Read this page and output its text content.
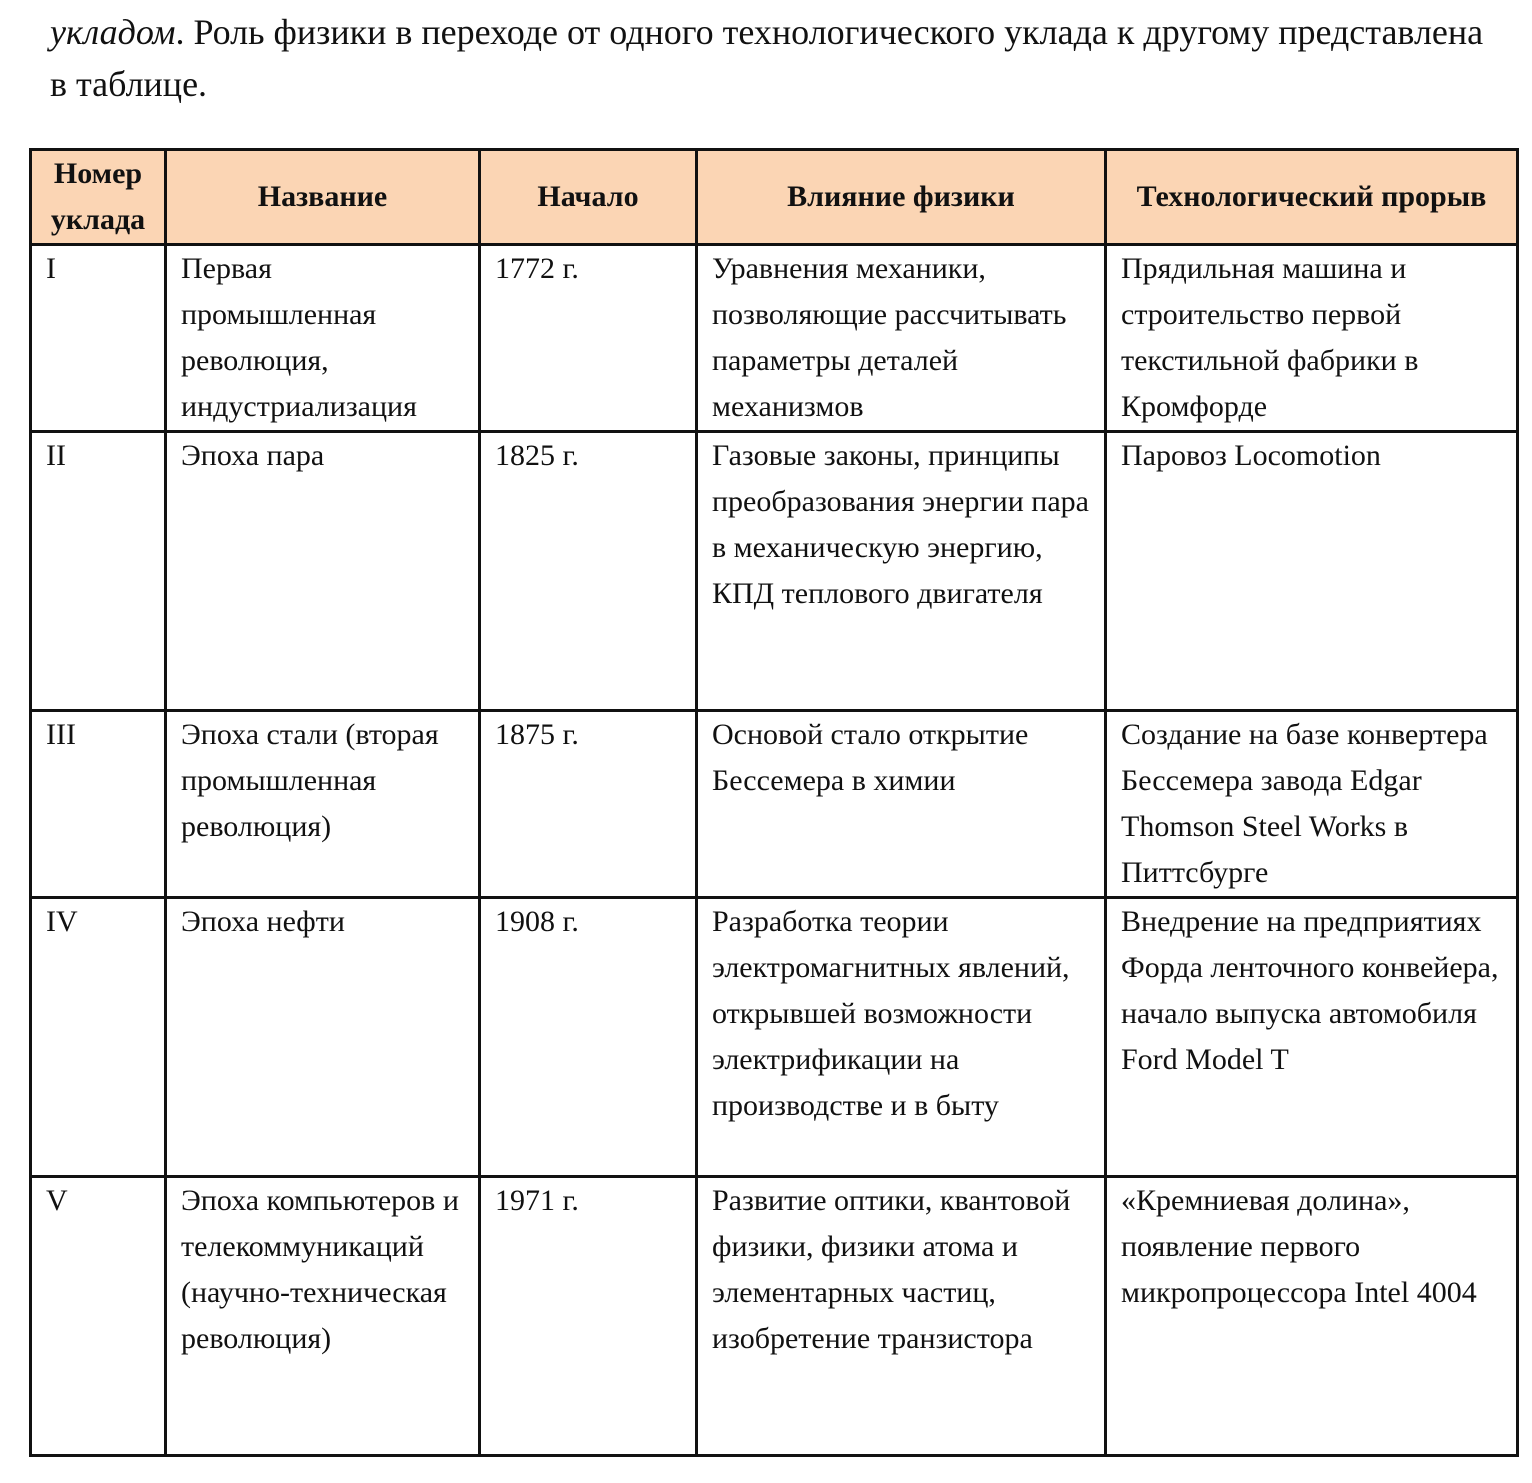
укладом. Роль физики в переходе от одного технологического уклада к другому представлена в таблице.

Номер уклада	Название	Начало	Влияние физики	Технологический прорыв
I	Первая промышленная революция, индустриализация	1772 г.	Уравнения механики, позволяющие рассчитывать параметры деталей механизмов	Прядильная машина и строительство первой текстильной фабрики в Кромфорде
II	Эпоха пара	1825 г.	Газовые законы, принципы преобразования энергии пара в механическую энергию, КПД теплового двигателя	Паровоз Locomotion
III	Эпоха стали (вторая промышленная революция)	1875 г.	Основой стало открытие Бессемера в химии	Создание на базе конвертера Бессемера завода Edgar Thomson Steel Works в Питтсбурге
IV	Эпоха нефти	1908 г.	Разработка теории электромагнитных явлений, открывшей возможности электрификации на производстве и в быту	Внедрение на предприятиях Форда ленточного конвейера, начало выпуска автомобиля Ford Model T
V	Эпоха компьютеров и телекоммуникаций (научно-техническая революция)	1971 г.	Развитие оптики, квантовой физики, физики атома и элементарных частиц, изобретение транзистора	«Кремниевая долина», появление первого микропроцессора Intel 4004
